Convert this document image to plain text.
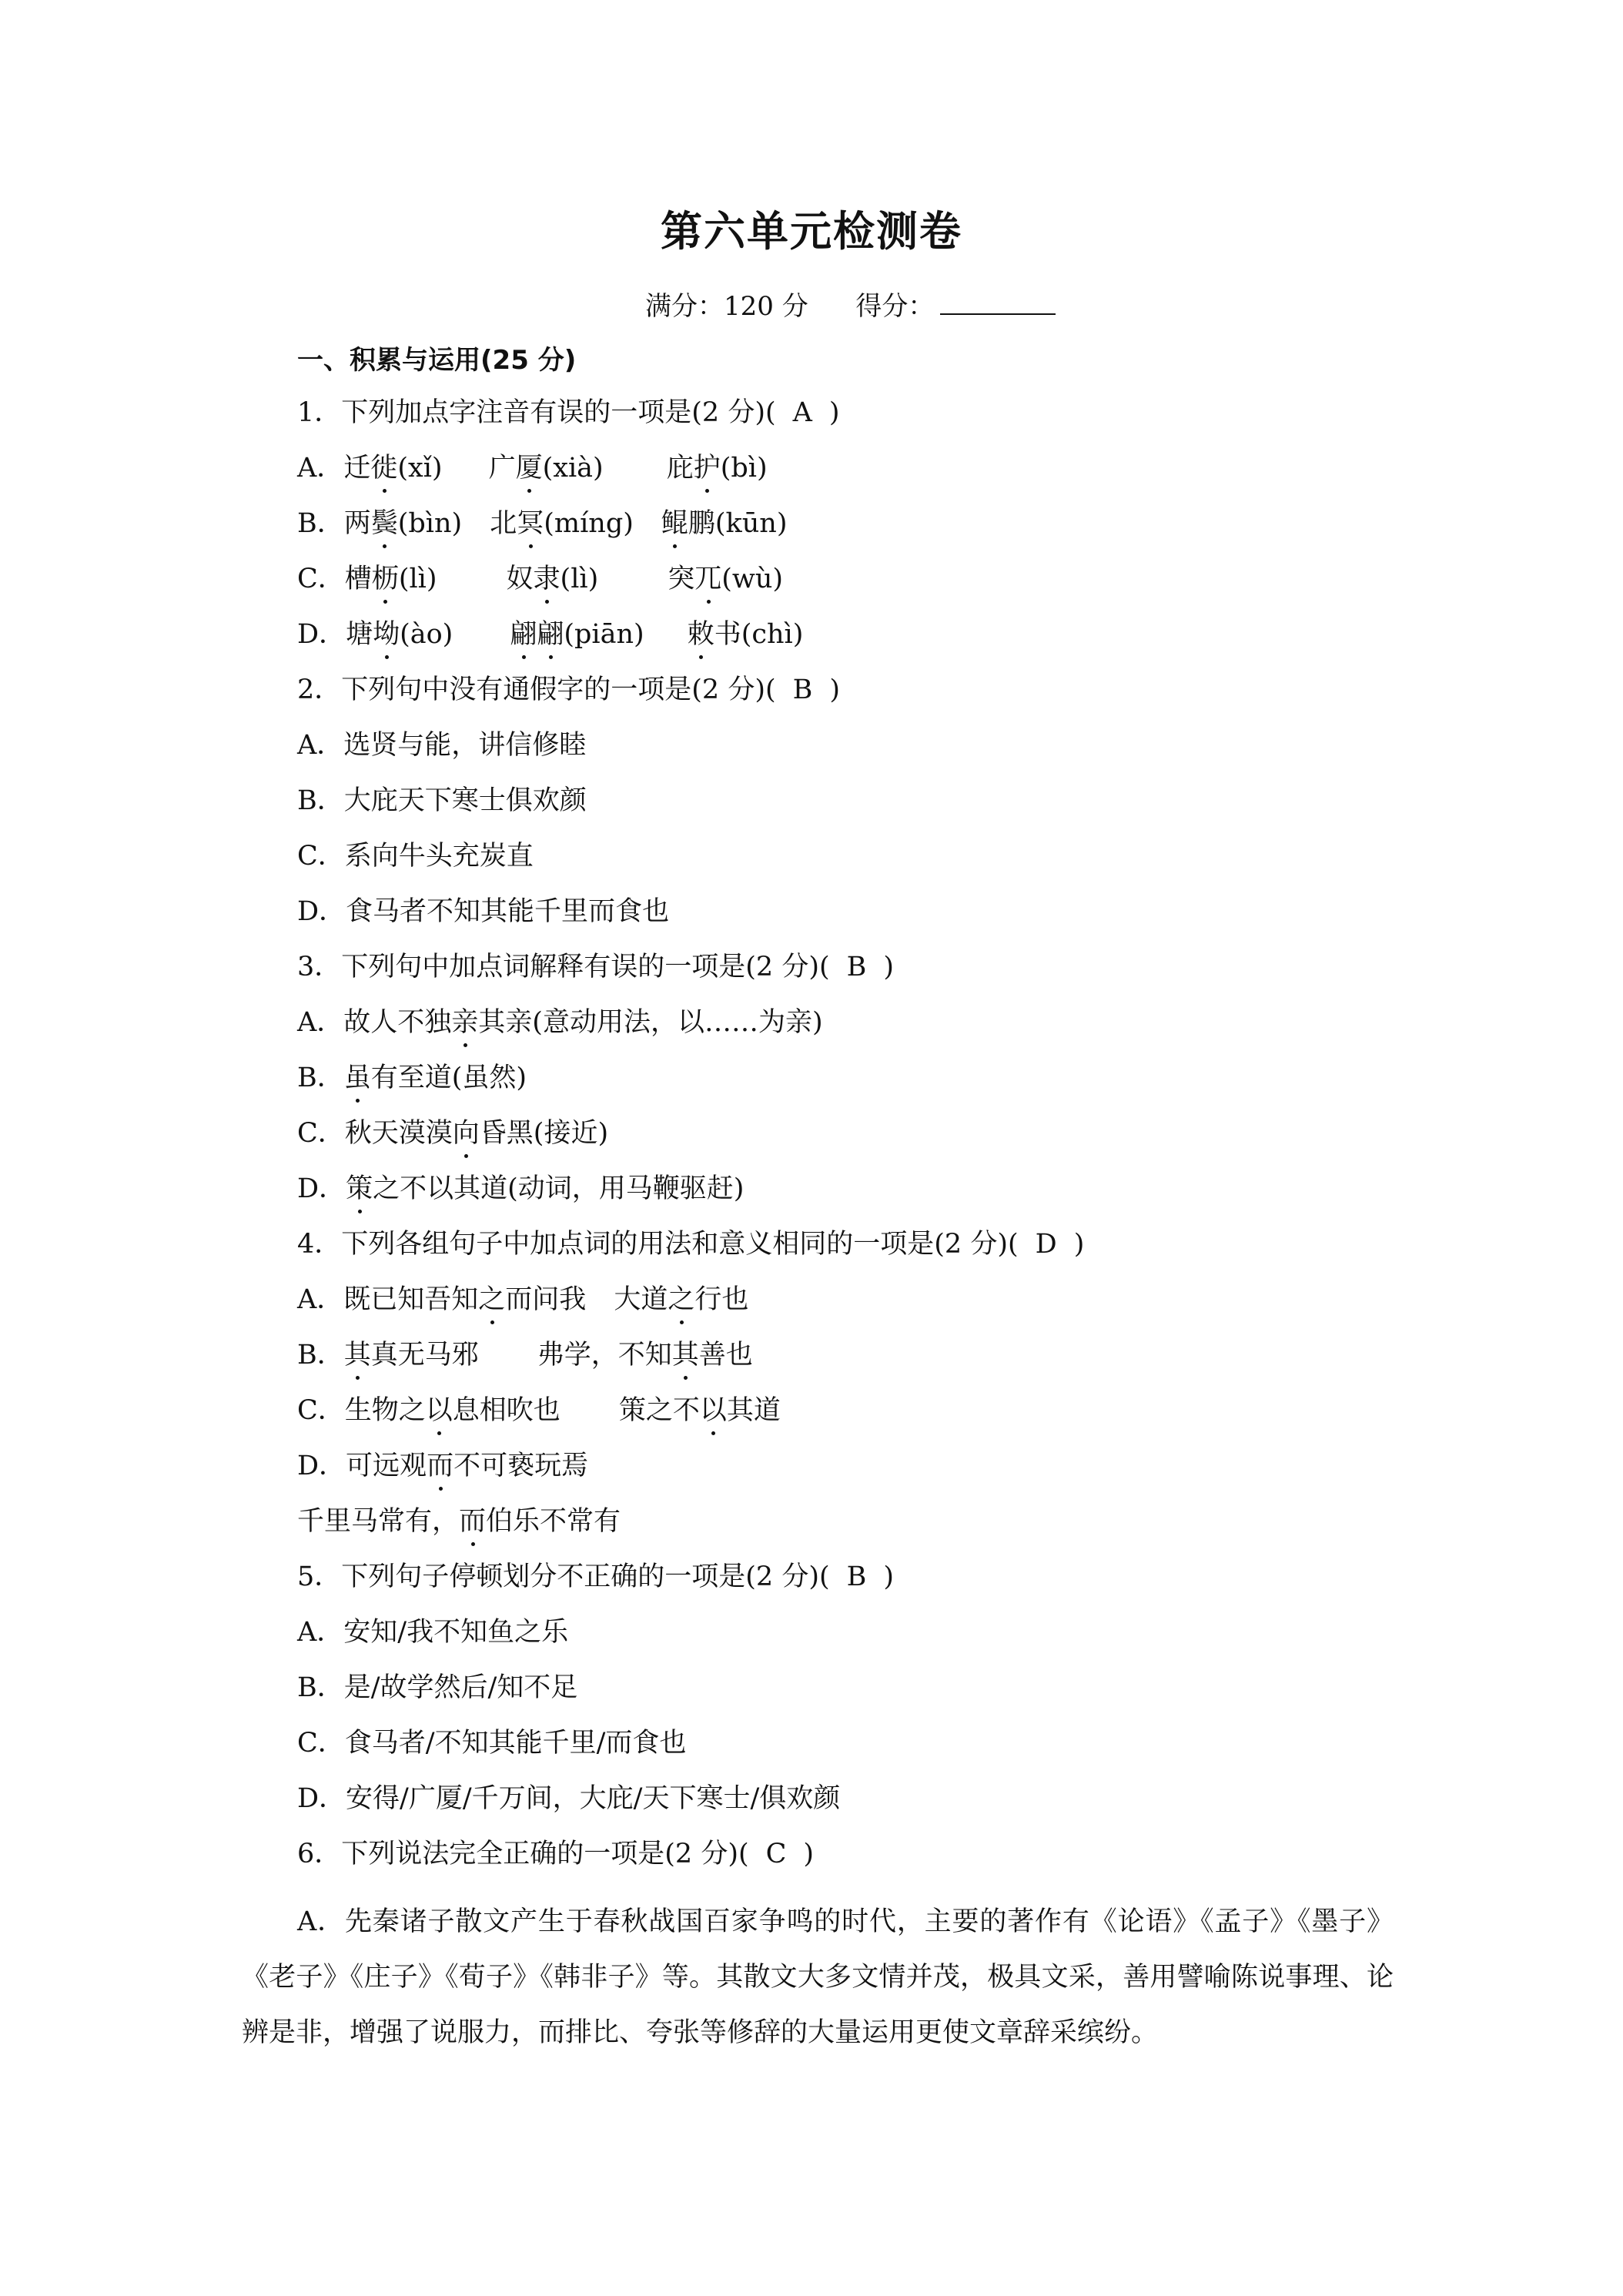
第六单元检测卷
满分：120 分 得分：
一、积累与运用(25 分)
1．下列加点字注音有误的一项是(2 分)( A )
A．迁徙(xǐ) 广厦(xià) 庇护(bì)
B．两鬓(bìn) 北冥(míng) 鲲鹏(kūn)
C．槽枥(lì)	奴隶(lì)	突兀(wù)
D．塘坳(ào) 翩翩(piān) 敕书(chì)
2．下列句中没有通假字的一项是(2 分)( B )
A．选贤与能，讲信修睦
B．大庇天下寒士俱欢颜
C．系向牛头充炭直
D．食马者不知其能千里而食也
3．下列句中加点词解释有误的一项是(2 分)( B )
A．故人不独亲其亲(意动用法，以……为亲)
B．虽有至道(虽然)
C．秋天漠漠向昏黑(接近)
D．策之不以其道(动词，用马鞭驱赶)
4．下列各组句子中加点词的用法和意义相同的一项是(2 分)( D )
A．既已知吾知之而问我 大道之行也
B．其真无马邪 弗学，不知其善也
C．生物之以息相吹也 策之不以其道
D．可远观而不可亵玩焉
千里马常有，而伯乐不常有
5．下列句子停顿划分不正确的一项是(2 分)( B )
A．安知/我不知鱼之乐
B．是/故学然后/知不足
C．食马者/不知其能千里/而食也
D．安得/广厦/千万间，大庇/天下寒士/俱欢颜
6．下列说法完全正确的一项是(2 分)( C )
A．先秦诸子散文产生于春秋战国百家争鸣的时代，主要的著作有《论语》《孟子》《墨子》《老子》《庄子》《荀子》《韩非子》等。其散文大多文情并茂，极具文采，善用譬喻陈说事理、论辨是非，增强了说服力，而排比、夸张等修辞的大量运用更使文章辞采缤纷。
